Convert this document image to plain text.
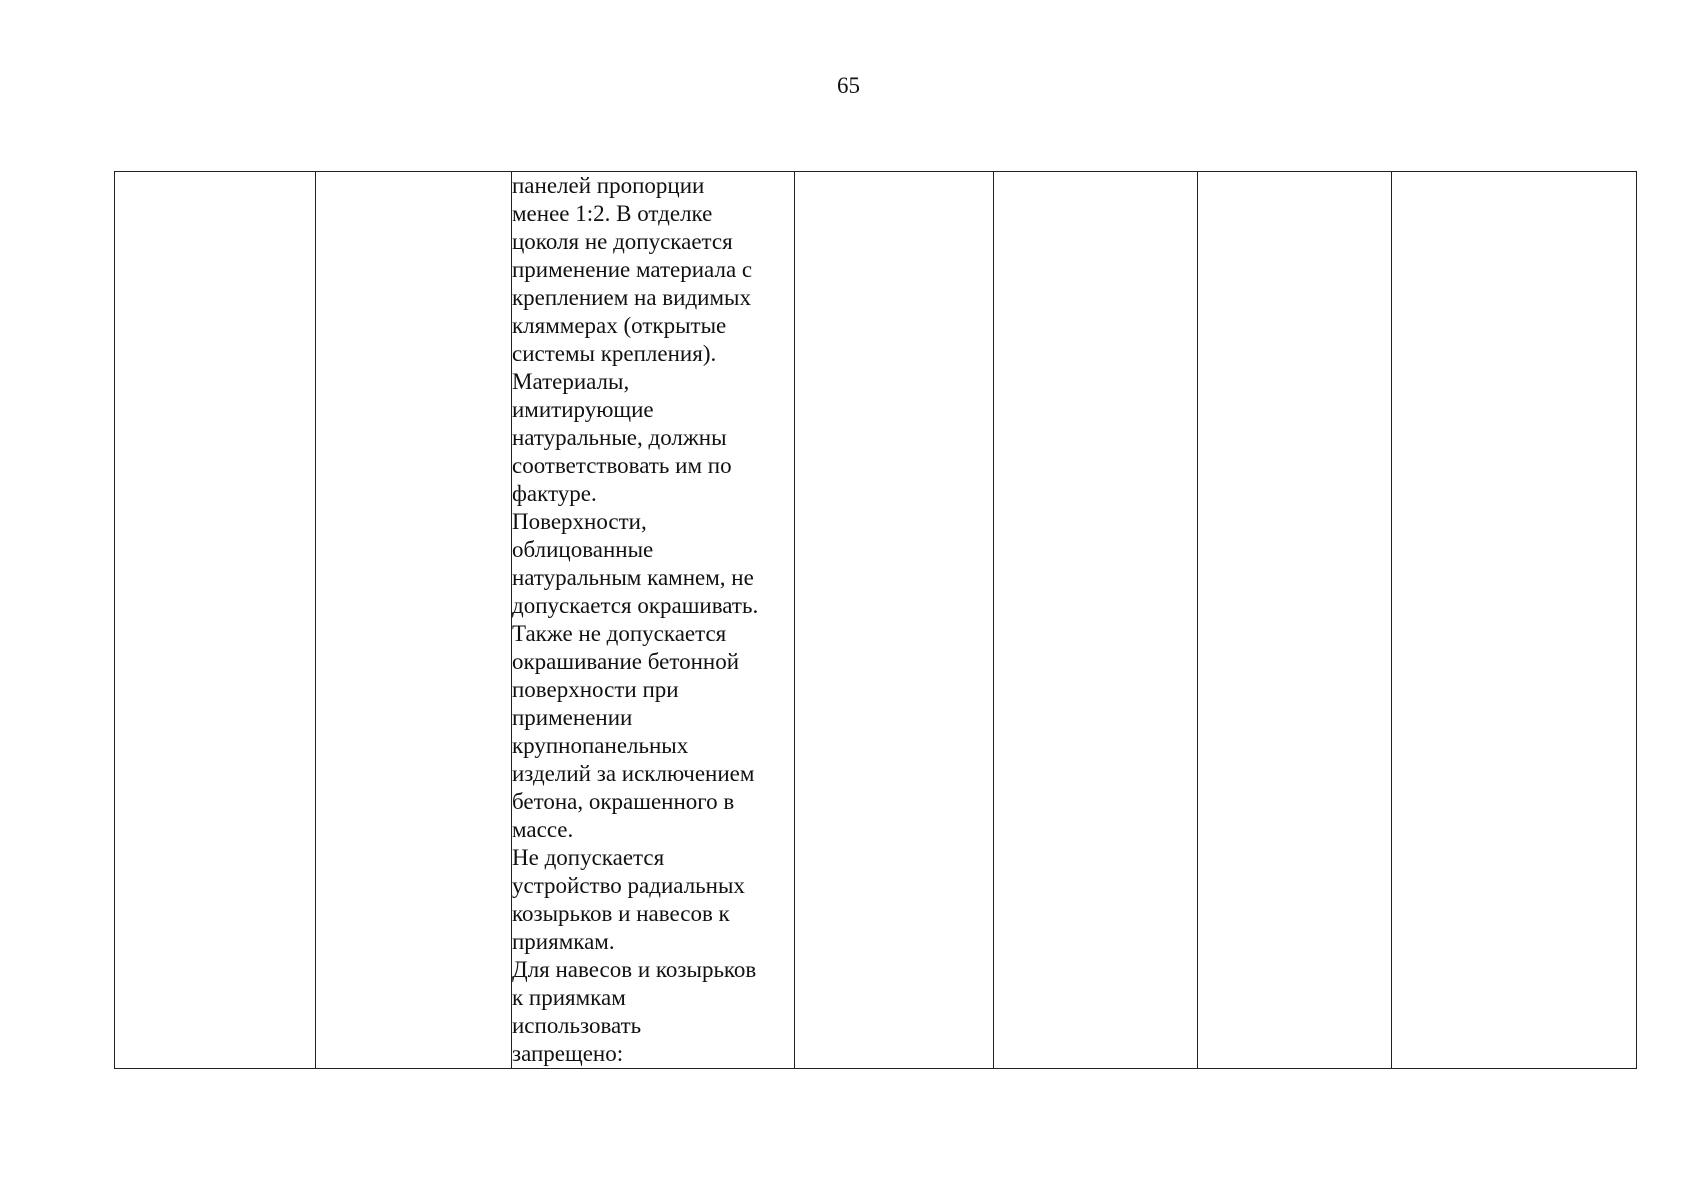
65

панелей пропорции
менее 1:2. В отделке
цоколя не допускается
применение материала с
креплением на видимых
кляммерах (открытые
системы крепления).
Материалы,
имитирующие
натуральные, должны
соответствовать им по
фактуре.
Поверхности,
облицованные
натуральным камнем, не
допускается окрашивать.
Также не допускается
окрашивание бетонной
поверхности при
применении
крупнопанельных
изделий за исключением
бетона, окрашенного в
массе.
Не допускается
устройство радиальных
козырьков и навесов к
приямкам.
Для навесов и козырьков
к приямкам
использовать
запрещено:
